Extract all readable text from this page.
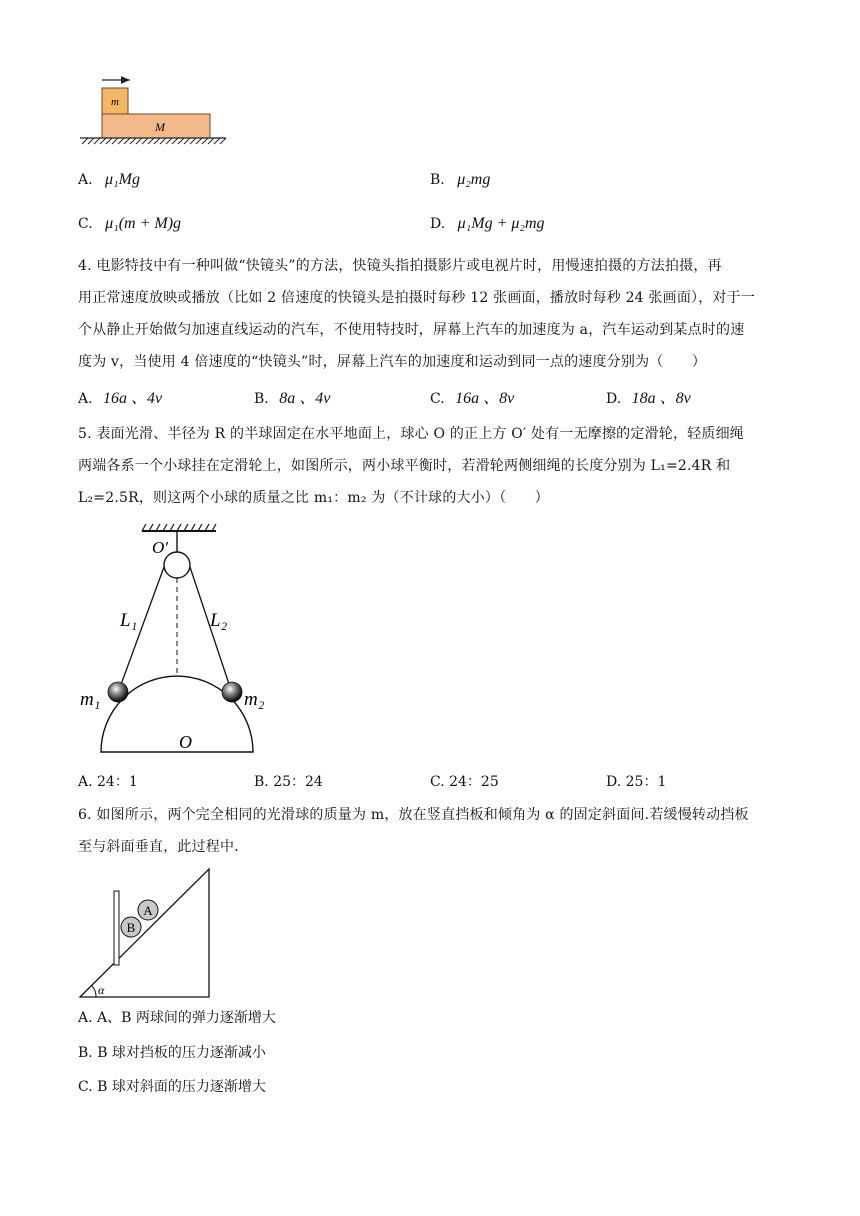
m
M
A. μ₁Mg	B. μ₂mg
C. μ₁(m + M)g	D. μ₁Mg + μ₂mg
4. 电影特技中有一种叫做“快镜头”的方法，快镜头指拍摄影片或电视片时，用慢速拍摄的方法拍摄，再
用正常速度放映或播放（比如 2 倍速度的快镜头是拍摄时每秒 12 张画面，播放时每秒 24 张画面），对于一
个从静止开始做匀加速直线运动的汽车，不使用特技时，屏幕上汽车的加速度为 a，汽车运动到某点时的速
度为 v，当使用 4 倍速度的“快镜头”时，屏幕上汽车的加速度和运动到同一点的速度分别为（　　）
A. 16a 、4v	B. 8a 、4v	C. 16a 、8v	D. 18a 、8v
5. 表面光滑、半径为 R 的半球固定在水平地面上，球心 O 的正上方 O′ 处有一无摩擦的定滑轮，轻质细绳
两端各系一个小球挂在定滑轮上，如图所示，两小球平衡时，若滑轮两侧细绳的长度分别为 L₁=2.4R 和
L₂=2.5R，则这两个小球的质量之比 m₁：m₂ 为（不计球的大小）（　　）
O′
L₁	L₂
m₁	m₂
O
A. 24：1	B. 25：24	C. 24：25	D. 25：1
6. 如图所示，两个完全相同的光滑球的质量为 m，放在竖直挡板和倾角为 α 的固定斜面间.若缓慢转动挡板
至与斜面垂直，此过程中.
B
A
α
A. A、B 两球间的弹力逐渐增大
B. B 球对挡板的压力逐渐减小
C. B 球对斜面的压力逐渐增大
